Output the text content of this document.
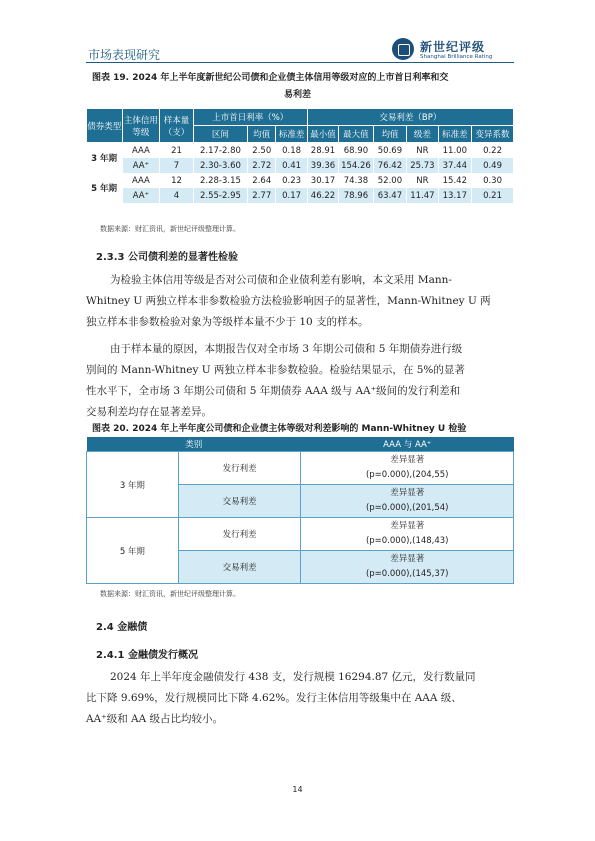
市场表现研究
新世纪评级
Shanghai Brilliance Rating
图表 19. 2024 年上半年度新世纪公司债和企业债主体信用等级对应的上市首日利率和交
易利差
债券类型	主体信用等级	样本量（支）	上市首日利率（%）			交易利差（BP）					
			区间	均值	标准差	最小值	最大值	均值	级差	标准差	变异系数
3 年期	AAA	21	2.17-2.80	2.50	0.18	28.91	68.90	50.69	NR	11.00	0.22
	AA⁺	7	2.30-3.60	2.72	0.41	39.36	154.26	76.42	25.73	37.44	0.49
5 年期	AAA	12	2.28-3.15	2.64	0.23	30.17	74.38	52.00	NR	15.42	0.30
	AA⁺	4	2.55-2.95	2.77	0.17	46.22	78.96	63.47	11.47	13.17	0.21
数据来源：财汇资讯，新世纪评级整理计算。
2.3.3 公司债利差的显著性检验
为检验主体信用等级是否对公司债和企业债利差有影响，本文采用 Mann-
Whitney U 两独立样本非参数检验方法检验影响因子的显著性，Mann-Whitney U 两
独立样本非参数检验对象为等级样本量不少于 10 支的样本。
由于样本量的原因，本期报告仅对全市场 3 年期公司债和 5 年期债券进行级
别间的 Mann-Whitney U 两独立样本非参数检验。检验结果显示，在 5%的显著
性水平下，全市场 3 年期公司债和 5 年期债券 AAA 级与 AA⁺级间的发行利差和
交易利差均存在显著差异。
图表 20. 2024 年上半年度公司债和企业债主体等级对利差影响的 Mann-Whitney U 检验
类别		AAA 与 AA⁺
3 年期	发行利差	差异显著
(p=0.000),(204,55)

	交易利差	差异显著
(p=0.000),(201,54)

5 年期	发行利差	差异显著
(p=0.000),(148,43)

	交易利差	差异显著
(p=0.000),(145,37)
数据来源：财汇资讯，新世纪评级整理计算。
2.4 金融债
2.4.1 金融债发行概况
2024 年上半年度金融债发行 438 支，发行规模 16294.87 亿元，发行数量同
比下降 9.69%，发行规模同比下降 4.62%。发行主体信用等级集中在 AAA 级、
AA⁺级和 AA 级占比均较小。
14
